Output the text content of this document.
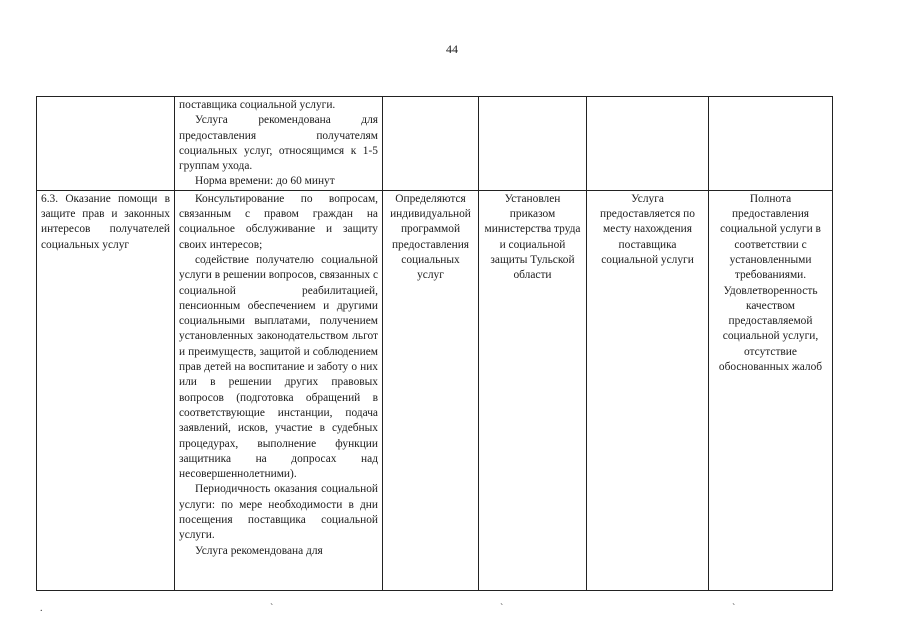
44

	поставщика социальной услуги.

Услуга рекомендована для предоставления получателям социальных услуг, относящимся к 1-5 группам ухода.

Норма времени: до 60 минут				

6.3. Оказание помощи в защите прав и законных интересов получателей социальных услуг	Консультирование по вопросам, связанным с правом граждан на социальное обслуживание и защиту своих интересов;

содействие получателю социальной услуги в решении вопросов, связанных с социальной реабилитацией, пенсионным обеспечением и другими социальными выплатами, получением установленных законодательством льгот и преимуществ, защитой и соблюдением прав детей на воспитание и заботу о них или в решении других правовых вопросов (подготовка обращений в соответствующие инстанции, подача заявлений, исков, участие в судебных процедурах, выполнение функции защитника на допросах над несовершеннолетними).

Периодичность оказания социальной услуги: по мере необходимости в дни посещения поставщика социальной услуги.

Услуга рекомендована для	Определяются индивидуальной программой предоставления социальных услуг	Установлен приказом министерства труда и социальной защиты Тульской области	Услуга предоставляется по месту нахождения поставщика социальной услуги	Полнота предоставления социальной услуги в соответствии с установленными требованиями. Удовлетворенность качеством предоставляемой социальной услуги, отсутствие обоснованных жалоб

.	`	`	`
